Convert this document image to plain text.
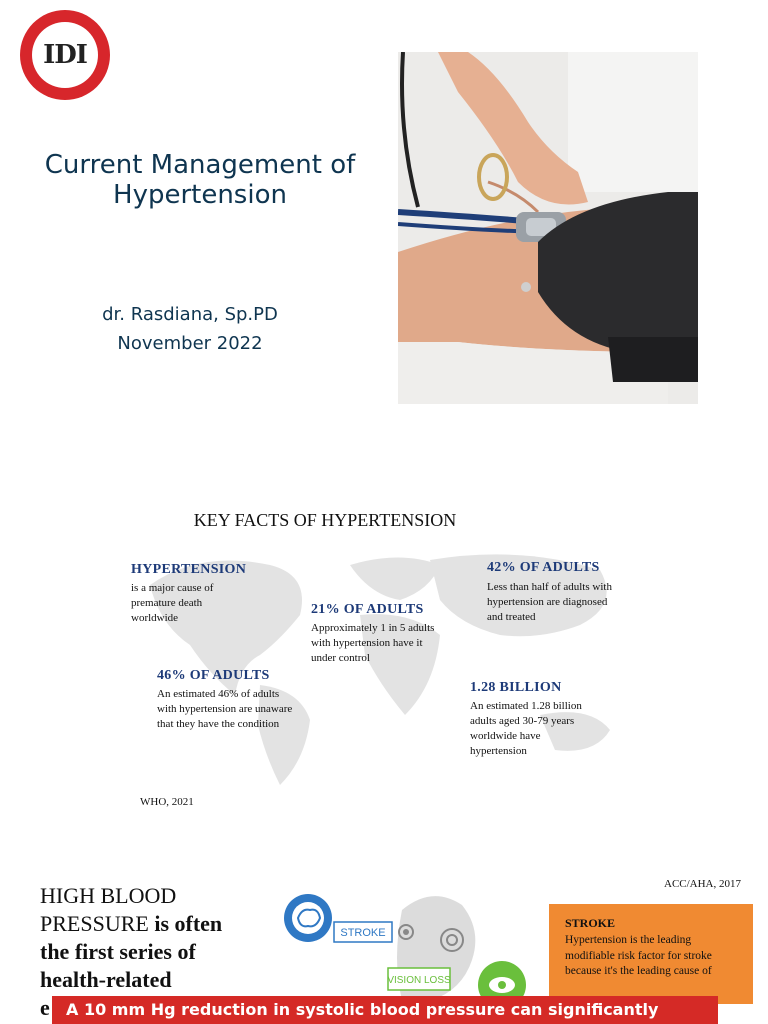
IDI
Current Management of
Hypertension
dr. Rasdiana, Sp.PD
November 2022
KEY FACTS OF HYPERTENSION
HYPERTENSION
is a major cause of
premature death
worldwide
21% OF ADULTS
Approximately 1 in 5 adults
with hypertension have it
under control
42% OF ADULTS
Less than half of adults with
hypertension are diagnosed
and treated
46% OF ADULTS
An estimated 46% of adults
with hypertension are unaware
that they have the condition
1.28 BILLION
An estimated 1.28 billion
adults aged 30-79 years
worldwide have
hypertension
WHO, 2021
HIGH BLOOD
PRESSURE is often
the first series of
health-related
e
ACC/AHA, 2017
STROKE
VISION LOSS
STROKE
Hypertension is the leading modifiable risk factor for stroke because it's the leading cause of
A 10 mm Hg reduction in systolic blood pressure can significantly
